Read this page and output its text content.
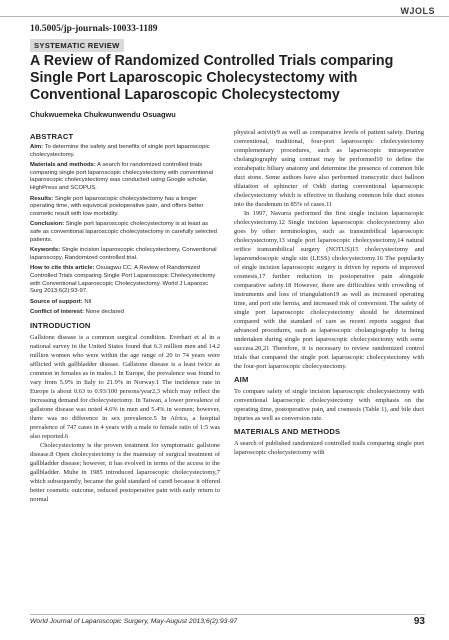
WJOLS
10.5005/jp-journals-10033-1189
SYSTEMATIC REVIEW
A Review of Randomized Controlled Trials comparing
Single Port Laparoscopic Cholecystectomy with
Conventional Laparoscopic Cholecystectomy
Chukwuemeka Chukwunwendu Osuagwu
ABSTRACT

Aim: To determine the safety and benefits of single port laparoscopic cholecystectomy.

Materials and methods: A search for randomized controlled trials comparing single port laparoscopic cholecystectomy with conventional laparoscopic cholecystectomy was conducted using Google scholar, HighPress and SCOPUS.

Results: Single port laparoscopic cholecystectomy has a longer operating time, with equivocal postoperative pain, and offers better cosmetic result with low morbidity.

Conclusion: Single port laparoscopic cholecystectomy is at least as safe as conventional laparoscopic cholecystectomy in carefully selected patients.

Keywords: Single incision laparoscopic cholecystectomy, Conventional laparoscopy, Randomized controlled trial.

How to cite this article: Osuagwu CC. A Review of Randomized Controlled Trials comparing Single Port Laparoscopic Cholecystectomy with Conventional Laparoscopic Cholecystectomy. World J Laparosc Surg 2013;6(2):93-97.

Source of support: Nil

Conflict of interest: None declared

INTRODUCTION

Gallstone disease is a common surgical condition. Everhart et al in a national survey in the United States found that 6.3 million men and 14.2 million women who were within the age range of 20 to 74 years were afflicted with gallbladder disease. Gallstone disease is a least twice as common in females as in males.1 In Europe, the prevalence was found to vary from 5.9% in Italy to 21.9% in Norway.1 The incidence rate in Europe is about 0.63 to 0.93/100 persons/year2,3 which may reflect the increasing demand for cholecystectomy. In Taiwan, a lower prevalence of gallstone disease was noted 4.6% in men and 5.4% in women; however, there was no difference in sex prevalence.5 In Africa, a hospital prevalence of 747 cases in 4 years with a male to female ratio of 1:5 was also reported.6

Cholecystectomy is the proven treatment for symptomatic gallstone disease.8 Open cholecystectomy is the mainstay of surgical treatment of gallbladder disease; however, it has evolved in terms of the access to the gallbladder. Muhe in 1985 introduced laparoscopic cholecystectomy,7 which subsequently, became the gold standard of care8 because it offered better cosmetic outcome, reduced postoperative pain with early return to normal

physical activity9 as well as comparative levels of patient safety. During conventional, traditional, four-port laparoscopic cholecystectomy complementary procedures, such as laparoscopic intraoperative cholangiography using contrast may be performed10 to define the extrahepatic biliary anatomy and determine the presence of common bile duct stone. Some authors have also performed transcystic duct balloon dilatation of sphincter of Oddi during conventional laparoscopic cholecystectomy which is effective in flushing common bile duct stones into the duodenum in 85% of cases.11

In 1997, Navarra performed the first single incision laparoscopic cholecystectomy.12 Single incision laparoscopic cholecystectomy also goes by other terminologies, such as transumbilical laparoscopic cholecystectomy,13 single port laparoscopic cholecystectomy,14 natural orifice transumbilical surgery (NOTUS)15 cholecystectomy and laparoendoscopic single site (LESS) cholecystectomy.16 The popularity of single incision laparoscopic surgery is driven by reports of improved cosmesis,17 further reduction in postoperative pain alongside comparative safety.18 However, there are difficulties with crowding of instruments and loss of triangulation19 as well as increased operating time, and port site hernia, and increased risk of conversion. The safety of single port laparoscopic cholecystectomy should be determined compared with the standard of care as recent reports suggest that advanced procedures, such as laparoscopic cholangiography is being undertaken during single port laparoscopic cholecystectomy with some success.20,21 Therefore, it is necessary to review randomized control trials that compared the single port laparoscopic cholecystectomy with the four-port laparoscopic cholecystectomy.

AIM

To compare safety of single incision laparoscopic cholecystectomy with conventional laparoscopic cholecystectomy with emphasis on the operating time, postoperative pain, and cosmesis (Table 1), and bile duct injuries as well as conversion rate.

MATERIALS AND METHODS

A search of published randomized controlled trails comparing single port laparoscopic cholecystectomy with

World Journal of Laparoscopic Surgery, May-August 2013;6(2):93-97	93
